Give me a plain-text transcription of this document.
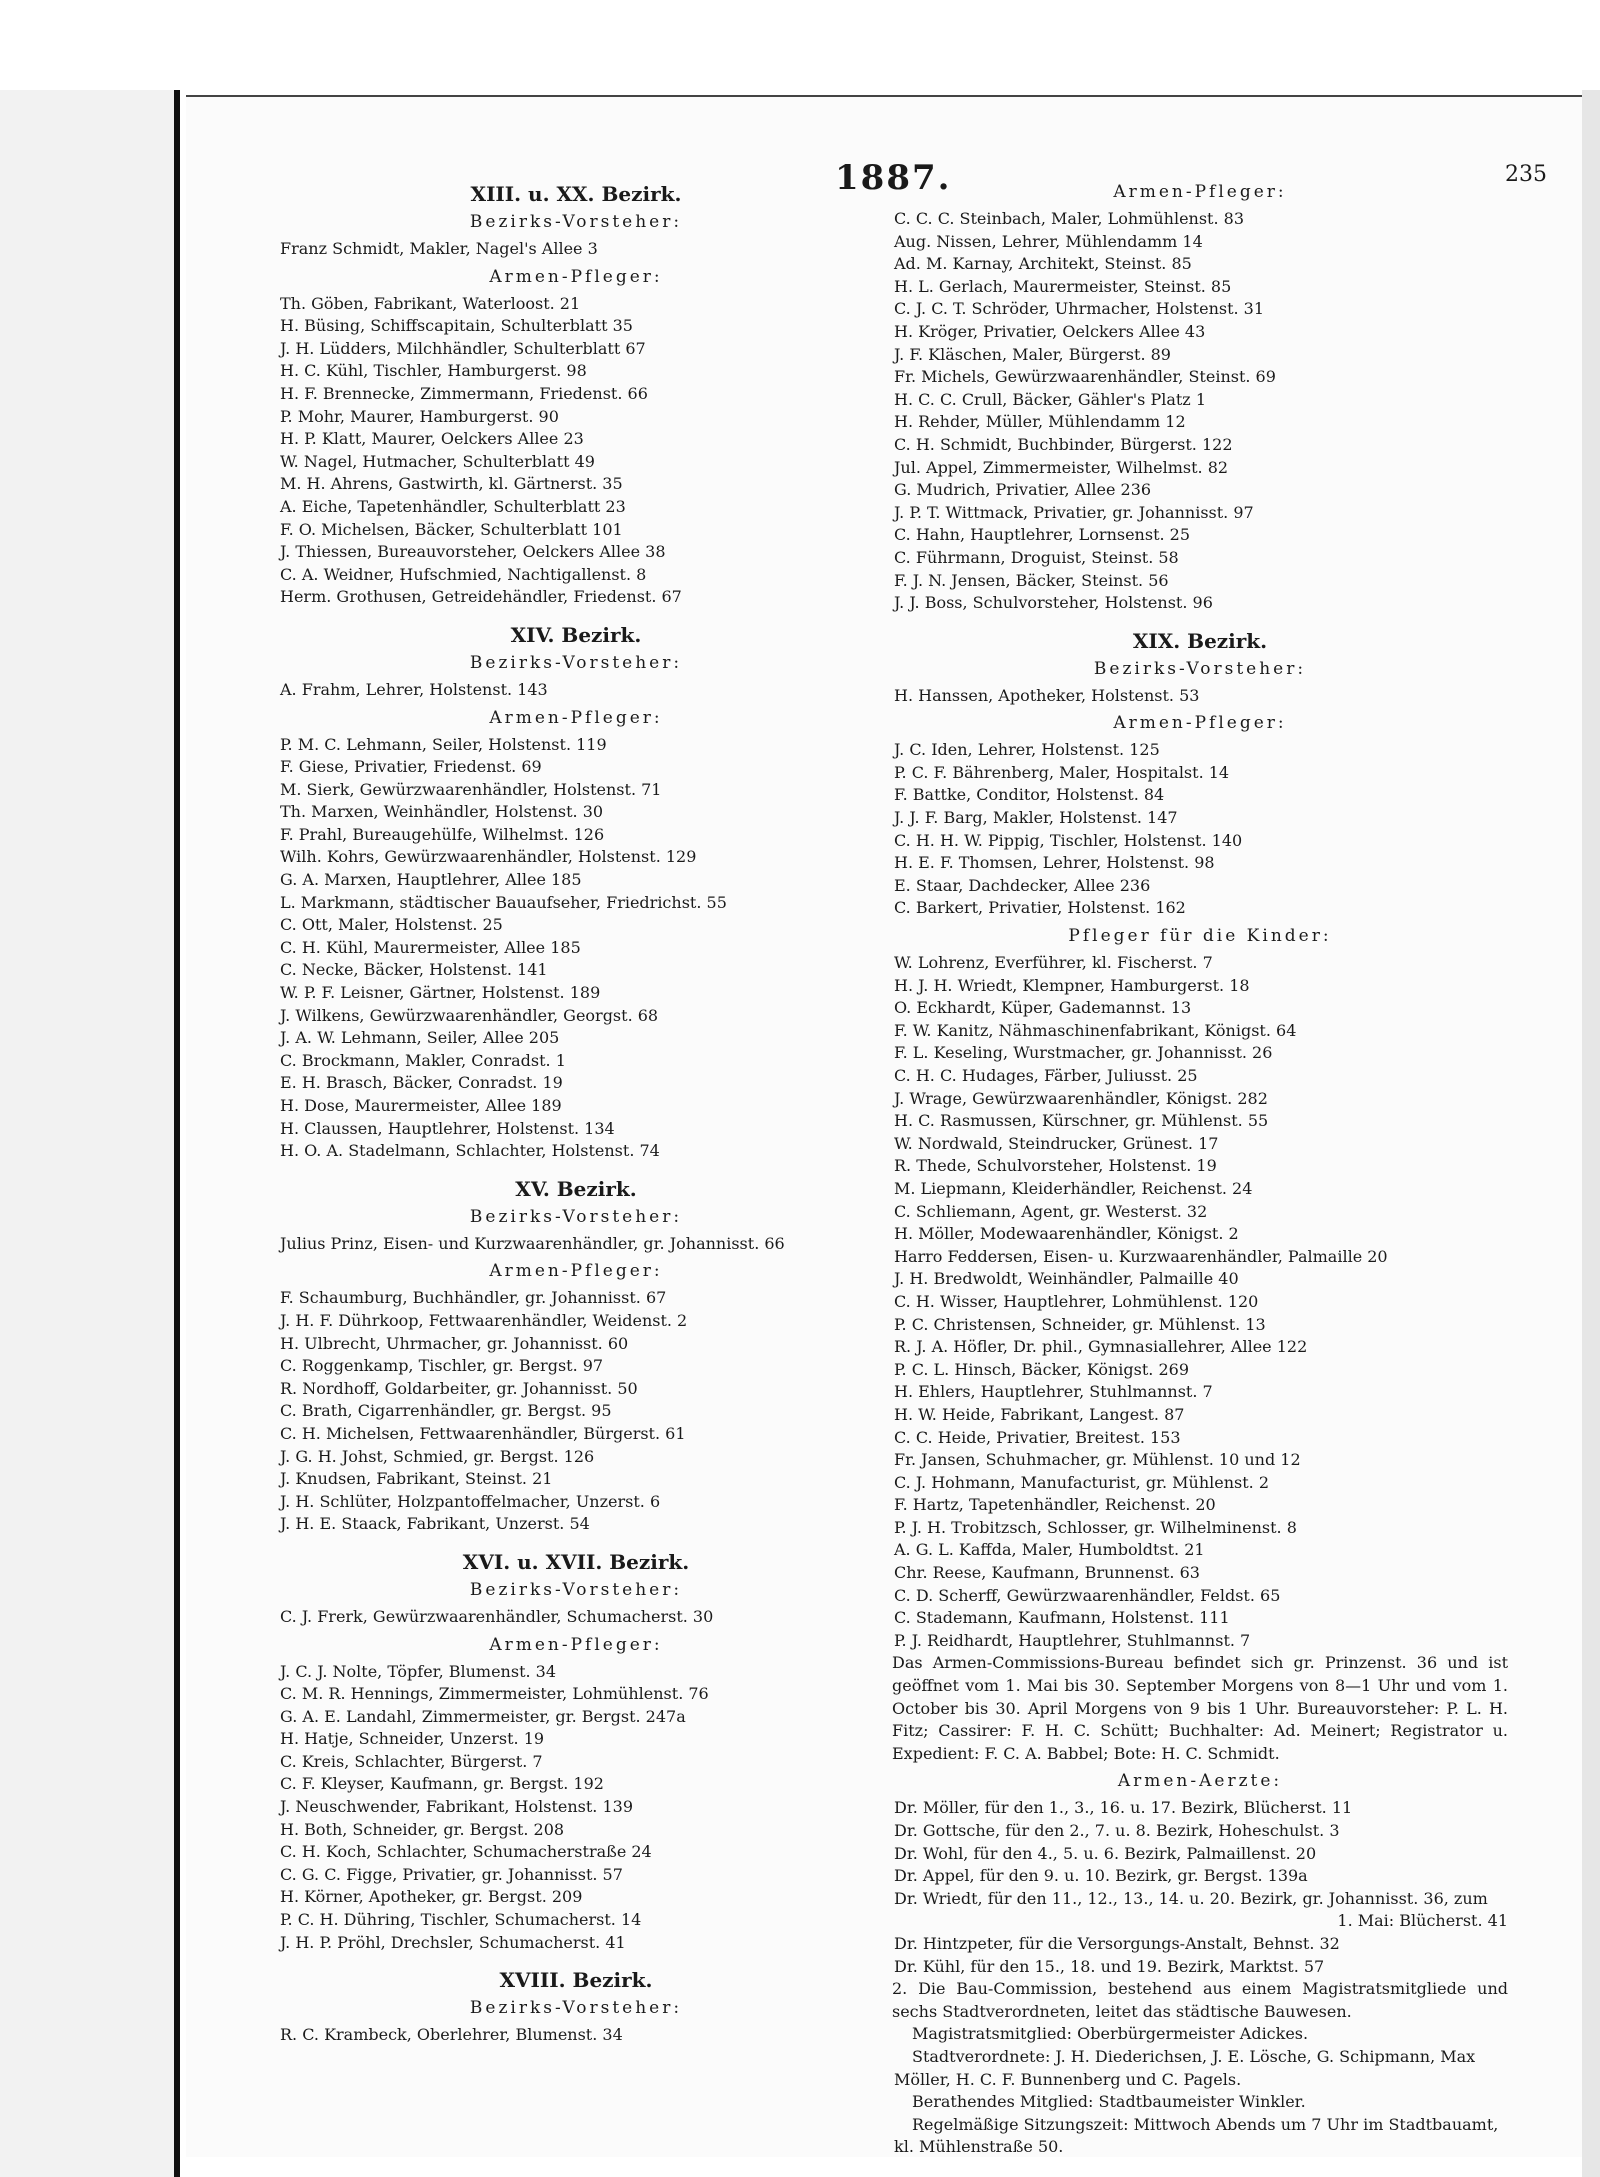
1887.	235
XIII. u. XX. Bezirk.
Bezirks-Vorsteher:
Franz Schmidt, Makler, Nagel's Allee 3
Armen-Pfleger:
Th. Göben, Fabrikant, Waterloost. 21
H. Büsing, Schiffscapitain, Schulterblatt 35
J. H. Lüdders, Milchhändler, Schulterblatt 67
H. C. Kühl, Tischler, Hamburgerst. 98
H. F. Brennecke, Zimmermann, Friedenst. 66
P. Mohr, Maurer, Hamburgerst. 90
H. P. Klatt, Maurer, Oelckers Allee 23
W. Nagel, Hutmacher, Schulterblatt 49
M. H. Ahrens, Gastwirth, kl. Gärtnerst. 35
A. Eiche, Tapetenhändler, Schulterblatt 23
F. O. Michelsen, Bäcker, Schulterblatt 101
J. Thiessen, Bureauvorsteher, Oelckers Allee 38
C. A. Weidner, Hufschmied, Nachtigallenst. 8
Herm. Grothusen, Getreidehändler, Friedenst. 67
XIV. Bezirk.
Bezirks-Vorsteher:
A. Frahm, Lehrer, Holstenst. 143
Armen-Pfleger:
P. M. C. Lehmann, Seiler, Holstenst. 119
F. Giese, Privatier, Friedenst. 69
M. Sierk, Gewürzwaarenhändler, Holstenst. 71
Th. Marxen, Weinhändler, Holstenst. 30
F. Prahl, Bureaugehülfe, Wilhelmst. 126
Wilh. Kohrs, Gewürzwaarenhändler, Holstenst. 129
G. A. Marxen, Hauptlehrer, Allee 185
L. Markmann, städtischer Bauaufseher, Friedrichst. 55
C. Ott, Maler, Holstenst. 25
C. H. Kühl, Maurermeister, Allee 185
C. Necke, Bäcker, Holstenst. 141
W. P. F. Leisner, Gärtner, Holstenst. 189
J. Wilkens, Gewürzwaarenhändler, Georgst. 68
J. A. W. Lehmann, Seiler, Allee 205
C. Brockmann, Makler, Conradst. 1
E. H. Brasch, Bäcker, Conradst. 19
H. Dose, Maurermeister, Allee 189
H. Claussen, Hauptlehrer, Holstenst. 134
H. O. A. Stadelmann, Schlachter, Holstenst. 74
XV. Bezirk.
Bezirks-Vorsteher:
Julius Prinz, Eisen- und Kurzwaarenhändler, gr. Johannisst. 66
Armen-Pfleger:
F. Schaumburg, Buchhändler, gr. Johannisst. 67
J. H. F. Dührkoop, Fettwaarenhändler, Weidenst. 2
H. Ulbrecht, Uhrmacher, gr. Johannisst. 60
C. Roggenkamp, Tischler, gr. Bergst. 97
R. Nordhoff, Goldarbeiter, gr. Johannisst. 50
C. Brath, Cigarrenhändler, gr. Bergst. 95
C. H. Michelsen, Fettwaarenhändler, Bürgerst. 61
J. G. H. Johst, Schmied, gr. Bergst. 126
J. Knudsen, Fabrikant, Steinst. 21
J. H. Schlüter, Holzpantoffelmacher, Unzerst. 6
J. H. E. Staack, Fabrikant, Unzerst. 54
XVI. u. XVII. Bezirk.
Bezirks-Vorsteher:
C. J. Frerk, Gewürzwaarenhändler, Schumacherst. 30
Armen-Pfleger:
J. C. J. Nolte, Töpfer, Blumenst. 34
C. M. R. Hennings, Zimmermeister, Lohmühlenst. 76
G. A. E. Landahl, Zimmermeister, gr. Bergst. 247a
H. Hatje, Schneider, Unzerst. 19
C. Kreis, Schlachter, Bürgerst. 7
C. F. Kleyser, Kaufmann, gr. Bergst. 192
J. Neuschwender, Fabrikant, Holstenst. 139
H. Both, Schneider, gr. Bergst. 208
C. H. Koch, Schlachter, Schumacherstraße 24
C. G. C. Figge, Privatier, gr. Johannisst. 57
H. Körner, Apotheker, gr. Bergst. 209
P. C. H. Dühring, Tischler, Schumacherst. 14
J. H. P. Pröhl, Drechsler, Schumacherst. 41
XVIII. Bezirk.
Bezirks-Vorsteher:
R. C. Krambeck, Oberlehrer, Blumenst. 34
Armen-Pfleger:
C. C. C. Steinbach, Maler, Lohmühlenst. 83
Aug. Nissen, Lehrer, Mühlendamm 14
Ad. M. Karnay, Architekt, Steinst. 85
H. L. Gerlach, Maurermeister, Steinst. 85
C. J. C. T. Schröder, Uhrmacher, Holstenst. 31
H. Kröger, Privatier, Oelckers Allee 43
J. F. Kläschen, Maler, Bürgerst. 89
Fr. Michels, Gewürzwaarenhändler, Steinst. 69
H. C. C. Crull, Bäcker, Gähler's Platz 1
H. Rehder, Müller, Mühlendamm 12
C. H. Schmidt, Buchbinder, Bürgerst. 122
Jul. Appel, Zimmermeister, Wilhelmst. 82
G. Mudrich, Privatier, Allee 236
J. P. T. Wittmack, Privatier, gr. Johannisst. 97
C. Hahn, Hauptlehrer, Lornsenst. 25
C. Führmann, Droguist, Steinst. 58
F. J. N. Jensen, Bäcker, Steinst. 56
J. J. Boss, Schulvorsteher, Holstenst. 96
XIX. Bezirk.
Bezirks-Vorsteher:
H. Hanssen, Apotheker, Holstenst. 53
Armen-Pfleger:
J. C. Iden, Lehrer, Holstenst. 125
P. C. F. Bährenberg, Maler, Hospitalst. 14
F. Battke, Conditor, Holstenst. 84
J. J. F. Barg, Makler, Holstenst. 147
C. H. H. W. Pippig, Tischler, Holstenst. 140
H. E. F. Thomsen, Lehrer, Holstenst. 98
E. Staar, Dachdecker, Allee 236
C. Barkert, Privatier, Holstenst. 162
Pfleger für die Kinder:
W. Lohrenz, Everführer, kl. Fischerst. 7
H. J. H. Wriedt, Klempner, Hamburgerst. 18
O. Eckhardt, Küper, Gademannst. 13
F. W. Kanitz, Nähmaschinenfabrikant, Königst. 64
F. L. Keseling, Wurstmacher, gr. Johannisst. 26
C. H. C. Hudages, Färber, Juliusst. 25
J. Wrage, Gewürzwaarenhändler, Königst. 282
H. C. Rasmussen, Kürschner, gr. Mühlenst. 55
W. Nordwald, Steindrucker, Grünest. 17
R. Thede, Schulvorsteher, Holstenst. 19
M. Liepmann, Kleiderhändler, Reichenst. 24
C. Schliemann, Agent, gr. Westerst. 32
H. Möller, Modewaarenhändler, Königst. 2
Harro Feddersen, Eisen- u. Kurzwaarenhändler, Palmaille 20
J. H. Bredwoldt, Weinhändler, Palmaille 40
C. H. Wisser, Hauptlehrer, Lohmühlenst. 120
P. C. Christensen, Schneider, gr. Mühlenst. 13
R. J. A. Höfler, Dr. phil., Gymnasiallehrer, Allee 122
P. C. L. Hinsch, Bäcker, Königst. 269
H. Ehlers, Hauptlehrer, Stuhlmannst. 7
H. W. Heide, Fabrikant, Langest. 87
C. C. Heide, Privatier, Breitest. 153
Fr. Jansen, Schuhmacher, gr. Mühlenst. 10 und 12
C. J. Hohmann, Manufacturist, gr. Mühlenst. 2
F. Hartz, Tapetenhändler, Reichenst. 20
P. J. H. Trobitzsch, Schlosser, gr. Wilhelminenst. 8
A. G. L. Kaffda, Maler, Humboldtst. 21
Chr. Reese, Kaufmann, Brunnenst. 63
C. D. Scherff, Gewürzwaarenhändler, Feldst. 65
C. Stademann, Kaufmann, Holstenst. 111
P. J. Reidhardt, Hauptlehrer, Stuhlmannst. 7
Das Armen-Commissions-Bureau befindet sich gr. Prinzenst. 36 und ist geöffnet vom 1. Mai bis 30. September Morgens von 8—1 Uhr und vom 1. October bis 30. April Morgens von 9 bis 1 Uhr. Bureauvorsteher: P. L. H. Fitz; Cassirer: F. H. C. Schütt; Buchhalter: Ad. Meinert; Registrator u. Expedient: F. C. A. Babbel; Bote: H. C. Schmidt.
Armen-Aerzte:
Dr. Möller, für den 1., 3., 16. u. 17. Bezirk, Blücherst. 11
Dr. Gottsche, für den 2., 7. u. 8. Bezirk, Hoheschulst. 3
Dr. Wohl, für den 4., 5. u. 6. Bezirk, Palmaillenst. 20
Dr. Appel, für den 9. u. 10. Bezirk, gr. Bergst. 139a
Dr. Wriedt, für den 11., 12., 13., 14. u. 20. Bezirk, gr. Johannisst. 36, zum
1. Mai: Blücherst. 41
Dr. Hintzpeter, für die Versorgungs-Anstalt, Behnst. 32
Dr. Kühl, für den 15., 18. und 19. Bezirk, Marktst. 57
2. Die Bau-Commission, bestehend aus einem Magistratsmitgliede und sechs Stadtverordneten, leitet das städtische Bauwesen.
Magistratsmitglied: Oberbürgermeister Adickes.
Stadtverordnete: J. H. Diederichsen, J. E. Lösche, G. Schipmann, Max
Möller, H. C. F. Bunnenberg und C. Pagels.
Berathendes Mitglied: Stadtbaumeister Winkler.
Regelmäßige Sitzungszeit: Mittwoch Abends um 7 Uhr im Stadtbauamt,
kl. Mühlenstraße 50.
